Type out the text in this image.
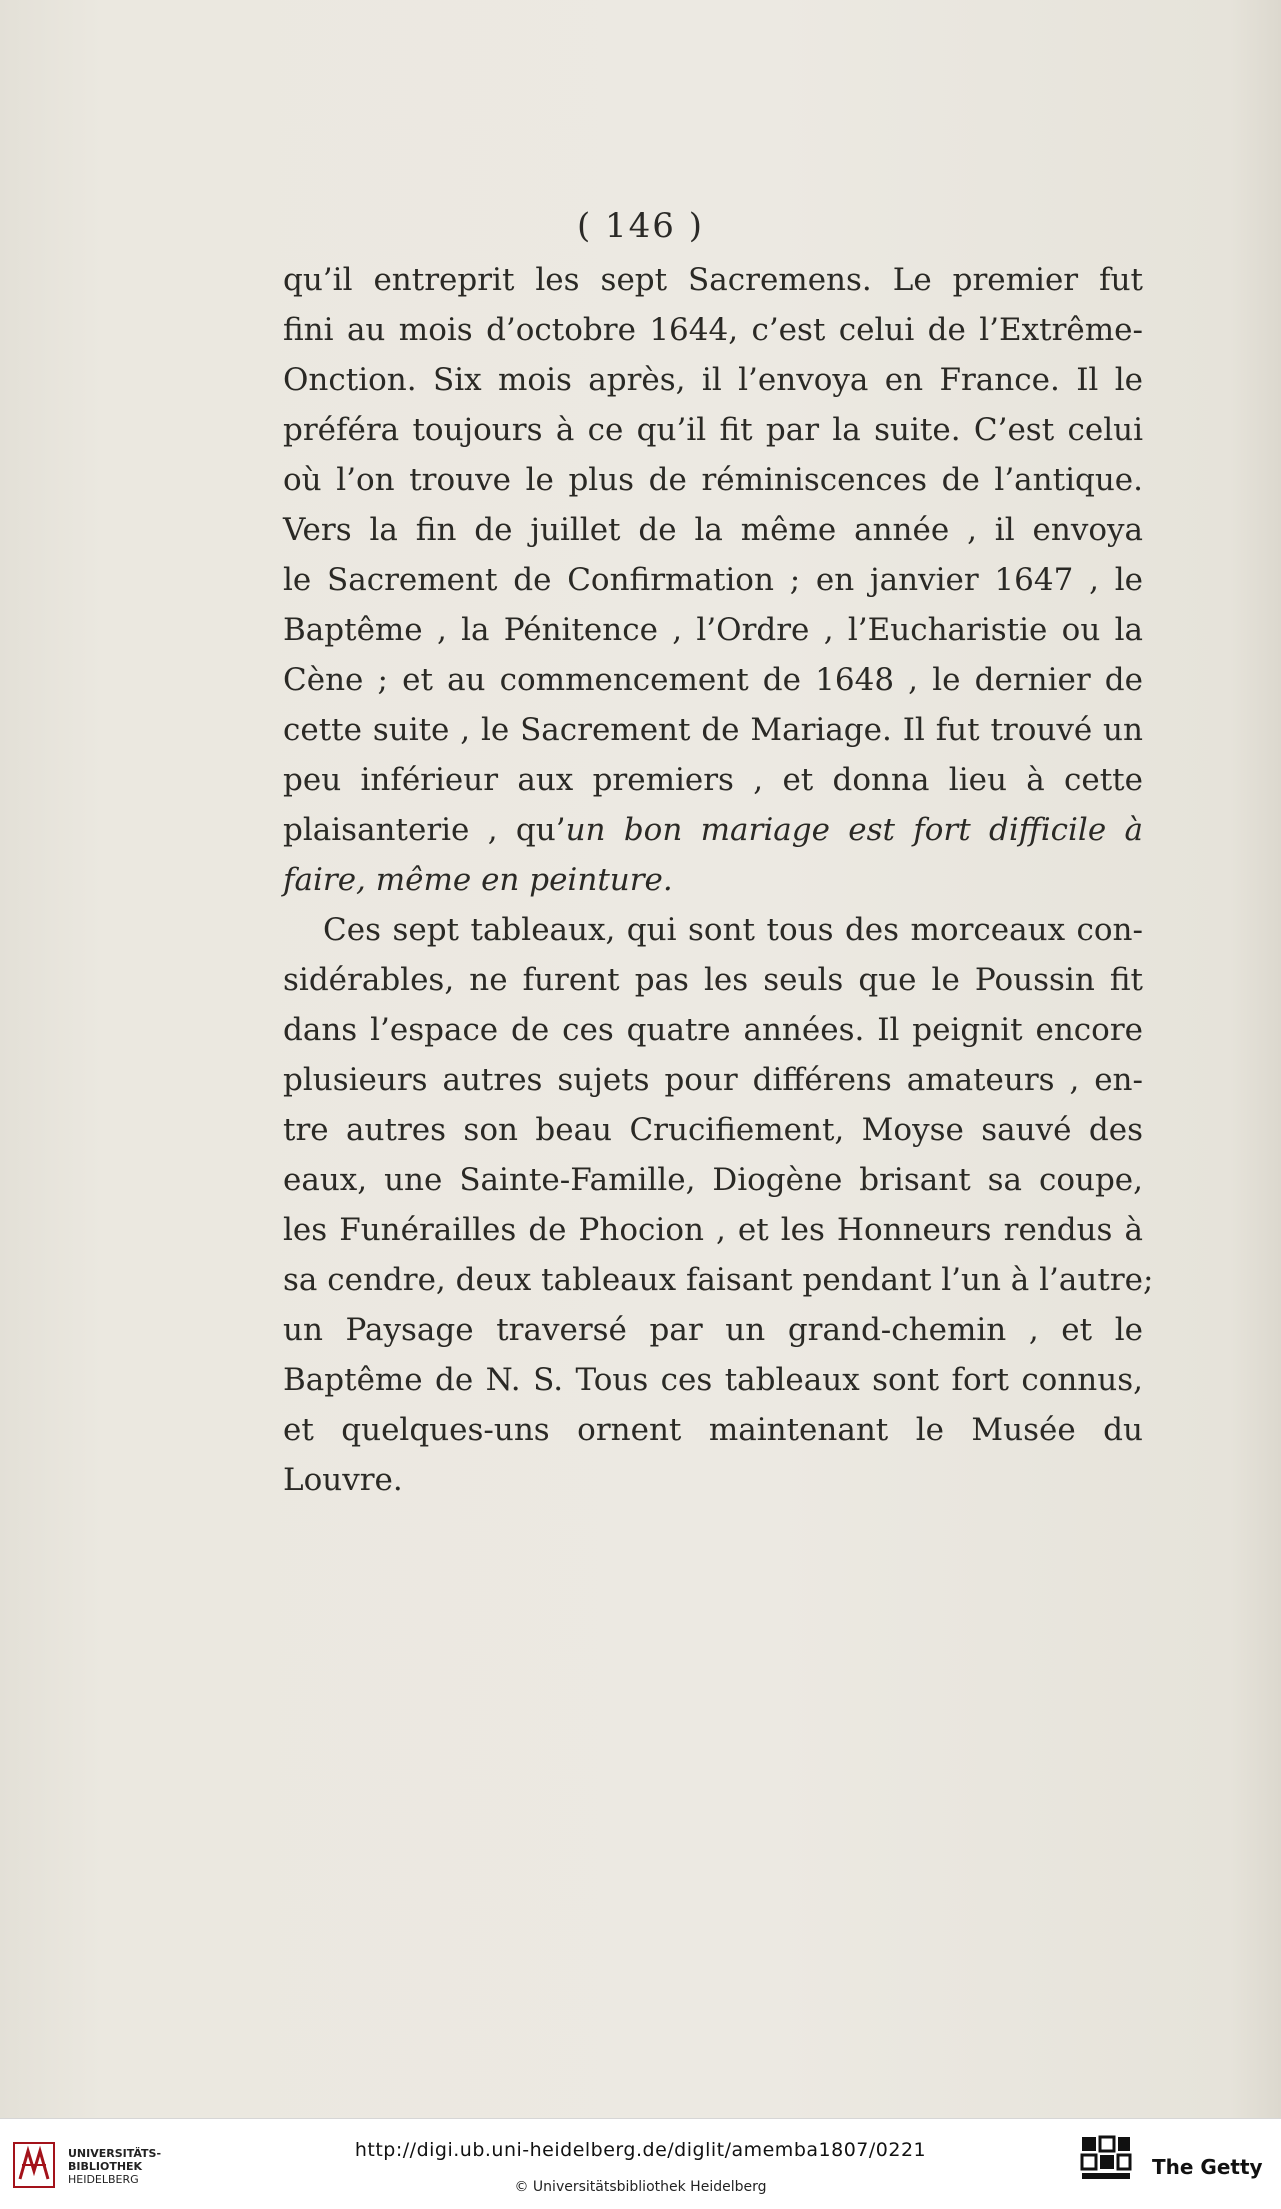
( 146 )
qu’il entreprit les sept Sacremens. Le premier fut
fini au mois d’octobre 1644, c’est celui de l’Extrême-
Onction. Six mois après, il l’envoya en France. Il le
préféra toujours à ce qu’il fit par la suite. C’est celui
où l’on trouve le plus de réminiscences de l’antique.
Vers la fin de juillet de la même année , il envoya
le Sacrement de Confirmation ; en janvier 1647 , le
Baptême , la Pénitence , l’Ordre , l’Eucharistie ou la
Cène ; et au commencement de 1648 , le dernier de
cette suite , le Sacrement de Mariage. Il fut trouvé un
peu inférieur aux premiers , et donna lieu à cette
plaisanterie , qu’un bon mariage est fort difficile à
faire, même en peinture.
Ces sept tableaux, qui sont tous des morceaux con-
sidérables, ne furent pas les seuls que le Poussin fit
dans l’espace de ces quatre années. Il peignit encore
plusieurs autres sujets pour différens amateurs , en-
tre autres son beau Crucifiement, Moyse sauvé des
eaux, une Sainte-Famille, Diogène brisant sa coupe,
les Funérailles de Phocion , et les Honneurs rendus à
sa cendre, deux tableaux faisant pendant l’un à l’autre;
un Paysage traversé par un grand-chemin , et le
Baptême de N. S. Tous ces tableaux sont fort connus,
et quelques-uns ornent maintenant le Musée du
Louvre.
UNIVERSITÄTS-
BIBLIOTHEK
HEIDELBERG
http://digi.ub.uni-heidelberg.de/diglit/amemba1807/0221
© Universitätsbibliothek Heidelberg
The Getty
